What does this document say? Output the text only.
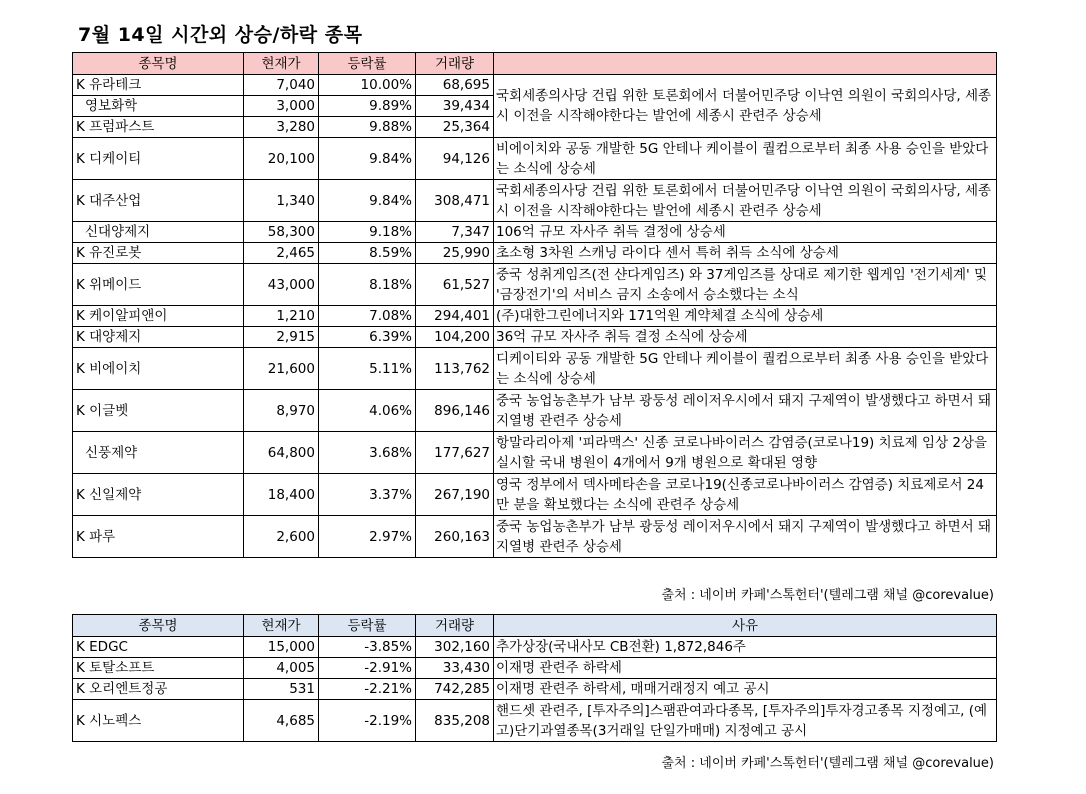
7월 14일 시간외 상승/하락 종목
종목명	현재가	등락률	거래량	
K 유라테크	7,040	10.00%	68,695	국회세종의사당 건립 위한 토론회에서 더불어민주당 이낙연 의원이 국회의사당, 세종시 이전을 시작해야한다는 발언에 세종시 관련주 상승세
영보화학	3,000	9.89%	39,434	
K 프럼파스트	3,280	9.88%	25,364	
K 디케이티	20,100	9.84%	94,126	비에이치와 공동 개발한 5G 안테나 케이블이 퀄컴으로부터 최종 사용 승인을 받았다는 소식에 상승세
K 대주산업	1,340	9.84%	308,471	국회세종의사당 건립 위한 토론회에서 더불어민주당 이낙연 의원이 국회의사당, 세종시 이전을 시작해야한다는 발언에 세종시 관련주 상승세
신대양제지	58,300	9.18%	7,347	106억 규모 자사주 취득 결정에 상승세
K 유진로봇	2,465	8.59%	25,990	초소형 3차원 스캐닝 라이다 센서 특허 취득 소식에 상승세
K 위메이드	43,000	8.18%	61,527	중국 성취게임즈(전 샨다게임즈) 와 37게임즈를 상대로 제기한 웹게임 '전기세계' 및 '금장전기'의 서비스 금지 소송에서 승소했다는 소식
K 케이알피앤이	1,210	7.08%	294,401	(주)대한그린에너지와 171억원 계약체결 소식에 상승세
K 대양제지	2,915	6.39%	104,200	36억 규모 자사주 취득 결정 소식에 상승세
K 비에이치	21,600	5.11%	113,762	디케이티와 공동 개발한 5G 안테나 케이블이 퀄컴으로부터 최종 사용 승인을 받았다는 소식에 상승세
K 이글벳	8,970	4.06%	896,146	중국 농업농촌부가 남부 광둥성 레이저우시에서 돼지 구제역이 발생했다고 하면서 돼지열병 관련주 상승세
신풍제약	64,800	3.68%	177,627	항말라리아제 '피라맥스' 신종 코로나바이러스 감염증(코로나19) 치료제 임상 2상을 실시할 국내 병원이 4개에서 9개 병원으로 확대된 영향
K 신일제약	18,400	3.37%	267,190	영국 정부에서 덱사메타손을 코로나19(신종코로나바이러스 감염증) 치료제로서 24만 분을 확보했다는 소식에 관련주 상승세
K 파루	2,600	2.97%	260,163	중국 농업농촌부가 남부 광둥성 레이저우시에서 돼지 구제역이 발생했다고 하면서 돼지열병 관련주 상승세
출처 : 네이버 카페'스톡헌터'(텔레그램 채널 @corevalue)
종목명	현재가	등락률	거래량	사유
K EDGC	15,000	-3.85%	302,160	추가상장(국내사모 CB전환) 1,872,846주
K 토탈소프트	4,005	-2.91%	33,430	이재명 관련주 하락세
K 오리엔트정공	531	-2.21%	742,285	이재명 관련주 하락세, 매매거래정지 예고 공시
K 시노펙스	4,685	-2.19%	835,208	핸드셋 관련주, [투자주의]스팸관여과다종목, [투자주의]투자경고종목 지정예고, (예고)단기과열종목(3거래일 단일가매매) 지정예고 공시
출처 : 네이버 카페'스톡헌터'(텔레그램 채널 @corevalue)
